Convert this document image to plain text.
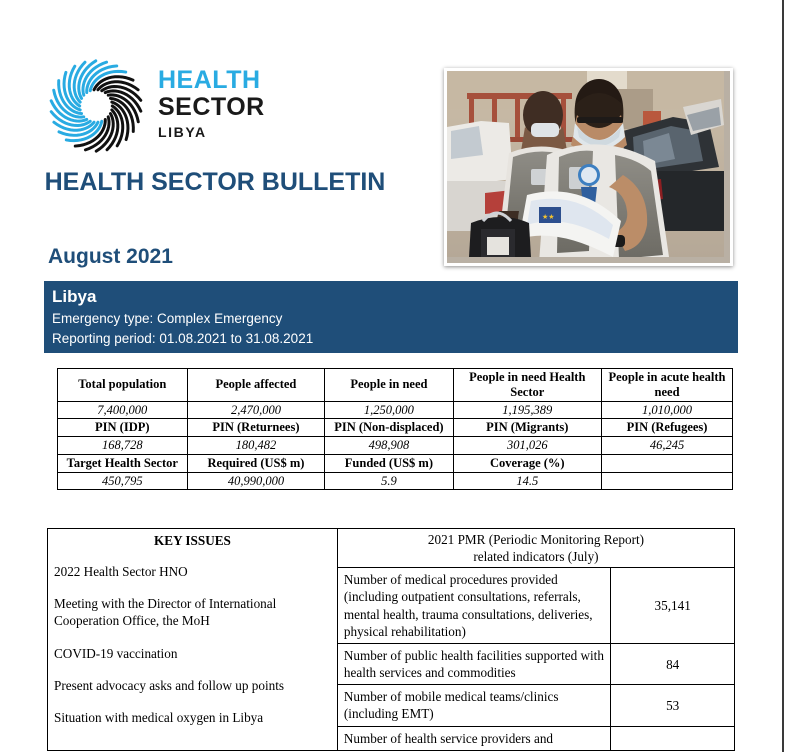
HEALTH
SECTOR
LIBYA
HEALTH SECTOR BULLETIN
August 2021
★★
Libya
Emergency type: Complex Emergency
Reporting period: 01.08.2021 to 31.08.2021
Total population	People affected	People in need	People in need Health Sector	People in acute health need
7,400,000	2,470,000	1,250,000	1,195,389	1,010,000
PIN (IDP)	PIN (Returnees)	PIN (Non-displaced)	PIN (Migrants)	PIN (Refugees)
168,728	180,482	498,908	301,026	46,245
Target Health Sector	Required (US$ m)	Funded (US$ m)	Coverage (%)	
450,795	40,990,000	5.9	14.5	
KEY ISSUES
2022 Health Sector HNO
Meeting with the Director of International Cooperation Office, the MoH
COVID-19 vaccination
Present advocacy asks and follow up points
Situation with medical oxygen in Libya

2021 PMR (Periodic Monitoring Report)
related indicators (July)

	Number of medical procedures provided (including outpatient consultations, referrals, mental health, trauma consultations, deliveries, physical rehabilitation)	35,141
	Number of public health facilities supported with health services and commodities	84
	Number of mobile medical teams/clinics (including EMT)	53
	Number of health service providers and	
